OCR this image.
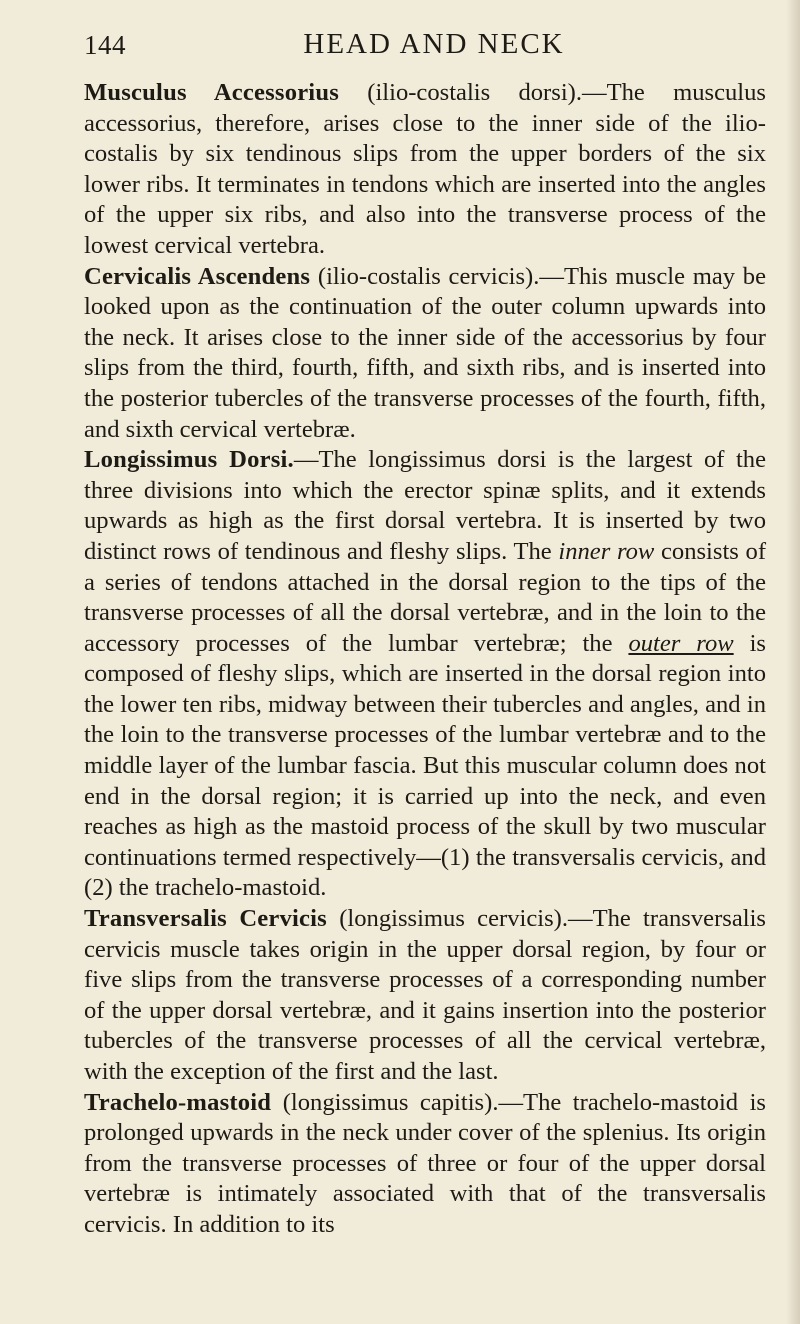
144	HEAD AND NECK

Musculus Accessorius (ilio-costalis dorsi).—The musculus accessorius, therefore, arises close to the inner side of the ilio-costalis by six tendinous slips from the upper borders of the six lower ribs. It terminates in tendons which are inserted into the angles of the upper six ribs, and also into the transverse process of the lowest cervical vertebra.

Cervicalis Ascendens (ilio-costalis cervicis).—This muscle may be looked upon as the continuation of the outer column upwards into the neck. It arises close to the inner side of the accessorius by four slips from the third, fourth, fifth, and sixth ribs, and is inserted into the posterior tubercles of the transverse processes of the fourth, fifth, and sixth cervical vertebræ.

Longissimus Dorsi.—The longissimus dorsi is the largest of the three divisions into which the erector spinæ splits, and it extends upwards as high as the first dorsal vertebra. It is inserted by two distinct rows of tendinous and fleshy slips. The inner row consists of a series of tendons attached in the dorsal region to the tips of the transverse processes of all the dorsal vertebræ, and in the loin to the accessory processes of the lumbar vertebræ; the outer row is composed of fleshy slips, which are inserted in the dorsal region into the lower ten ribs, midway between their tubercles and angles, and in the loin to the transverse processes of the lumbar vertebræ and to the middle layer of the lumbar fascia. But this muscular column does not end in the dorsal region; it is carried up into the neck, and even reaches as high as the mastoid process of the skull by two muscular continuations termed respectively—(1) the transversalis cervicis, and (2) the trachelo-mastoid.

Transversalis Cervicis (longissimus cervicis).—The transversalis cervicis muscle takes origin in the upper dorsal region, by four or five slips from the transverse processes of a corresponding number of the upper dorsal vertebræ, and it gains insertion into the posterior tubercles of the transverse processes of all the cervical vertebræ, with the exception of the first and the last.

Trachelo-mastoid (longissimus capitis).—The trachelo-mastoid is prolonged upwards in the neck under cover of the splenius. Its origin from the transverse processes of three or four of the upper dorsal vertebræ is intimately associated with that of the transversalis cervicis. In addition to its
